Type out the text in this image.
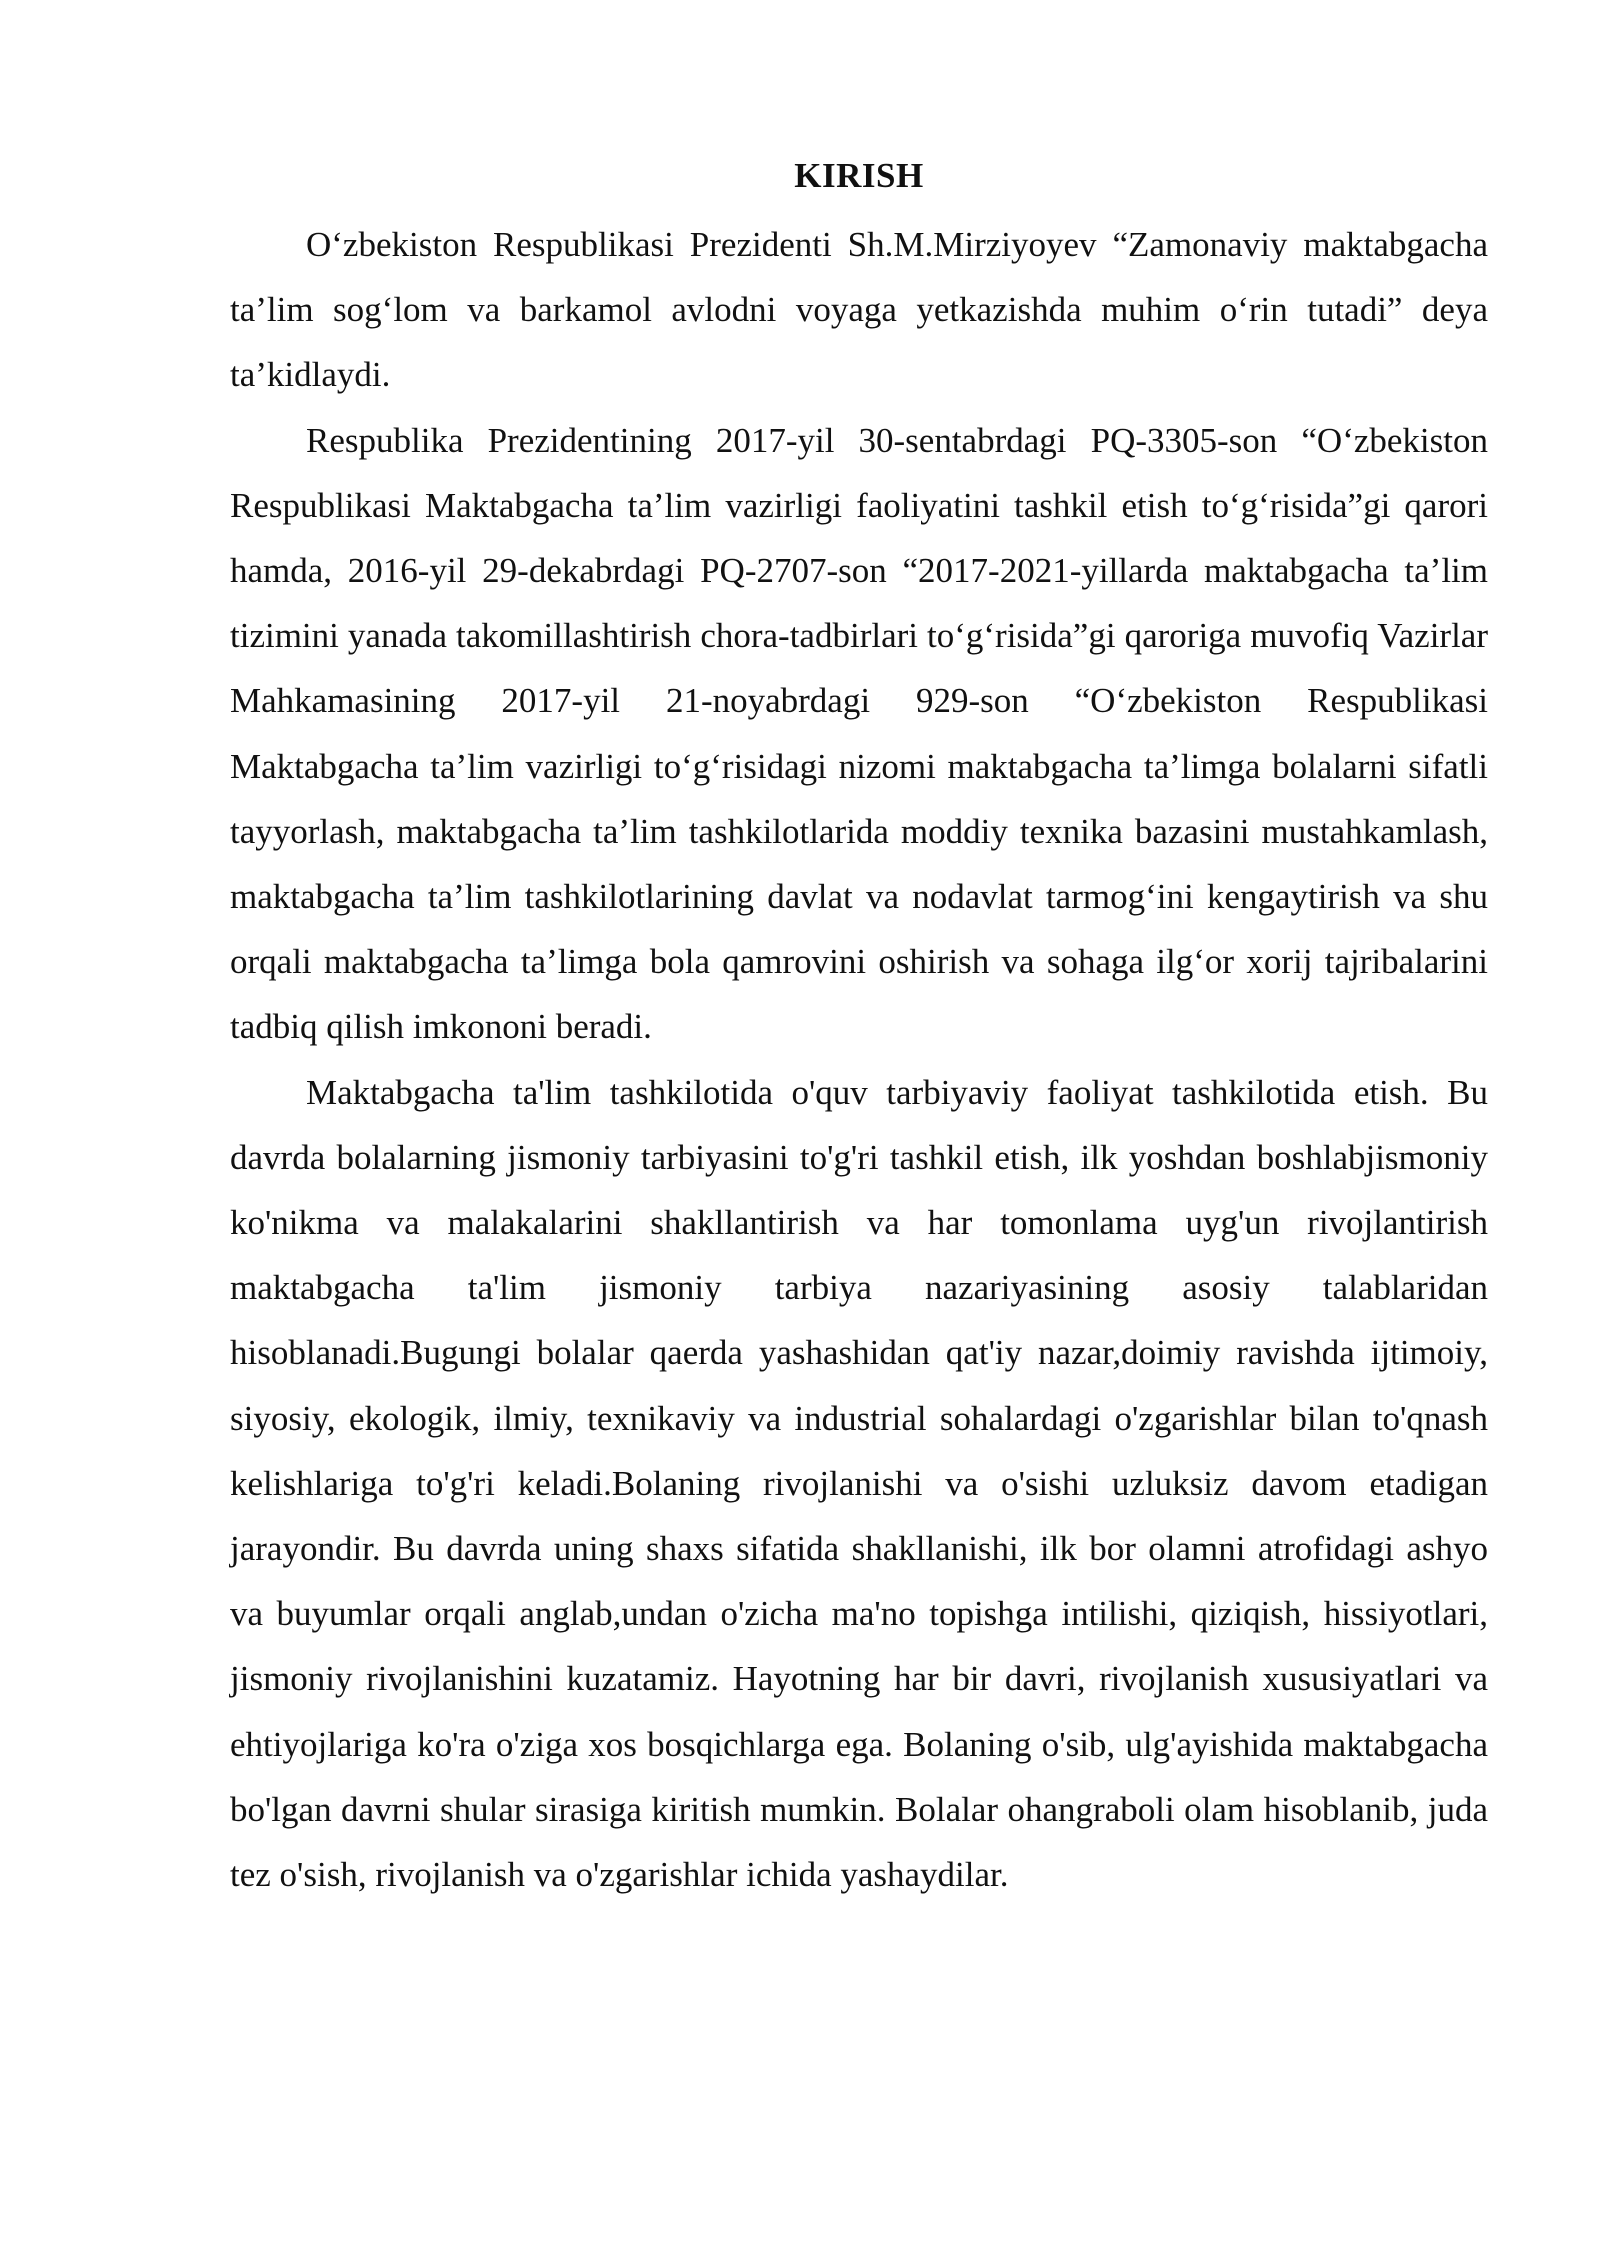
KIRISH

O‘zbekiston Respublikasi Prezidenti Sh.M.Mirziyoyev “Zamonaviy maktabgacha ta’lim sog‘lom va barkamol avlodni voyaga yetkazishda muhim o‘rin tutadi” deya ta’kidlaydi.

Respublika Prezidentining 2017-yil 30-sentabrdagi PQ-3305-son “O‘zbekiston Respublikasi Maktabgacha ta’lim vazirligi faoliyatini tashkil etish to‘g‘risida”gi qarori hamda, 2016-yil 29-dekabrdagi PQ-2707-son “2017-2021-yillarda maktabgacha ta’lim tizimini yanada takomillashtirish chora-tadbirlari to‘g‘risida”gi qaroriga muvofiq Vazirlar Mahkamasining 2017-yil 21-noyabrdagi 929-son “O‘zbekiston Respublikasi Maktabgacha ta’lim vazirligi to‘g‘risidagi nizomi maktabgacha ta’limga bolalarni sifatli tayyorlash, maktabgacha ta’lim tashkilotlarida moddiy texnika bazasini mustahkamlash, maktabgacha ta’lim tashkilotlarining davlat va nodavlat tarmog‘ini kengaytirish va shu orqali maktabgacha ta’limga bola qamrovini oshirish va sohaga ilg‘or xorij tajribalarini tadbiq qilish imkononi beradi.

Maktabgacha ta'lim tashkilotida o'quv tarbiyaviy faoliyat tashkilotida etish. Bu davrda bolalarning jismoniy tarbiyasini to'g'ri tashkil etish, ilk yoshdan boshlabjismoniy ko'nikma va malakalarini shakllantirish va har tomonlama uyg'un rivojlantirish maktabgacha ta'lim jismoniy tarbiya nazariyasining asosiy talablaridan hisoblanadi.Bugungi bolalar qaerda yashashidan qat'iy nazar,doimiy ravishda ijtimoiy, siyosiy, ekologik, ilmiy, texnikaviy va industrial sohalardagi o'zgarishlar bilan to'qnash kelishlariga to'g'ri keladi.Bolaning rivojlanishi va o'sishi uzluksiz davom etadigan jarayondir. Bu davrda uning shaxs sifatida shakllanishi, ilk bor olamni atrofidagi ashyo va buyumlar orqali anglab,undan o'zicha ma'no topishga intilishi, qiziqish, hissiyotlari, jismoniy rivojlanishini kuzatamiz. Hayotning har bir davri, rivojlanish xususiyatlari va ehtiyojlariga ko'ra o'ziga xos bosqichlarga ega. Bolaning o'sib, ulg'ayishida maktabgacha bo'lgan davrni shular sirasiga kiritish mumkin. Bolalar ohangraboli olam hisoblanib, juda tez o'sish, rivojlanish va o'zgarishlar ichida yashaydilar.
